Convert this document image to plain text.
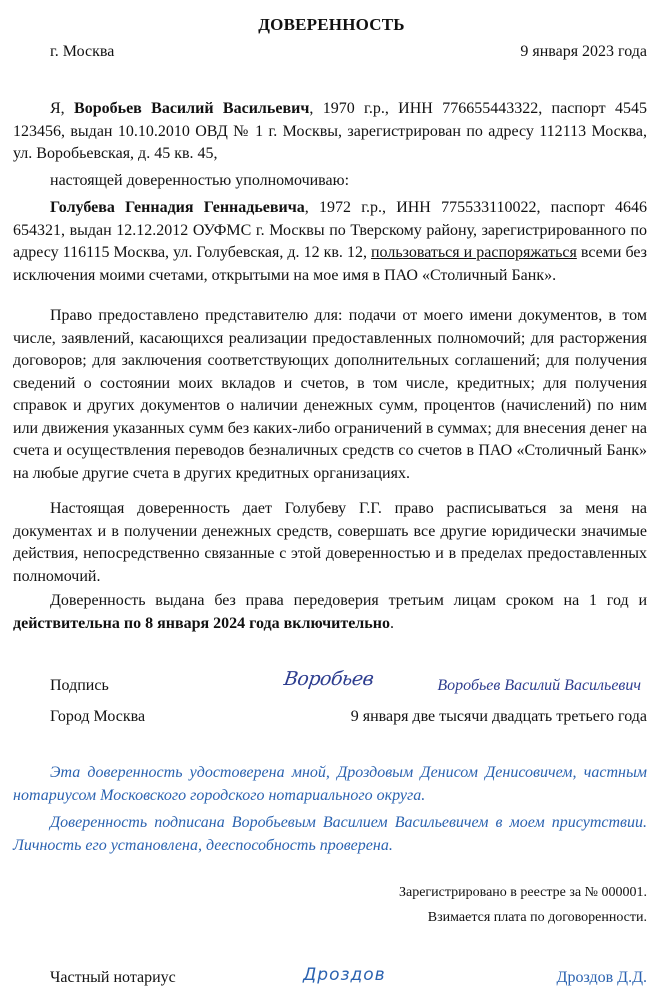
ДОВЕРЕННОСТЬ
г. Москва	9 января 2023 года
Я, Воробьев Василий Васильевич, 1970 г.р., ИНН 776655443322, паспорт 4545 123456, выдан 10.10.2010 ОВД № 1 г. Москвы, зарегистрирован по адресу 112113 Москва, ул. Воробьевская, д. 45 кв. 45,
настоящей доверенностью уполномочиваю:
Голубева Геннадия Геннадьевича, 1972 г.р., ИНН 775533110022, паспорт 4646 654321, выдан 12.12.2012 ОУФМС г. Москвы по Тверскому району, зарегистрированного по адресу 116115 Москва, ул. Голубевская, д. 12 кв. 12, пользоваться и распоряжаться всеми без исключения моими счетами, открытыми на мое имя в ПАО «Столичный Банк».
Право предоставлено представителю для: подачи от моего имени документов, в том числе, заявлений, касающихся реализации предоставленных полномочий; для расторжения договоров; для заключения соответствующих дополнительных соглашений; для получения сведений о состоянии моих вкладов и счетов, в том числе, кредитных; для получения справок и других документов о наличии денежных сумм, процентов (начислений) по ним или движения указанных сумм без каких-либо ограничений в суммах; для внесения денег на счета и осуществления переводов безналичных средств со счетов в ПАО «Столичный Банк» на любые другие счета в других кредитных организациях.
Настоящая доверенность дает Голубеву Г.Г. право расписываться за меня на документах и в получении денежных средств, совершать все другие юридически значимые действия, непосредственно связанные с этой доверенностью и в пределах предоставленных полномочий.
Доверенность выдана без права передоверия третьим лицам сроком на 1 год и действительна по 8 января 2024 года включительно.
Подпись	Воробьев	Воробьев Василий Васильевич
Город Москва	9 января две тысячи двадцать третьего года
Эта доверенность удостоверена мной, Дроздовым Денисом Денисовичем, частным нотариусом Московского городского нотариального округа.
Доверенность подписана Воробьевым Василием Васильевичем в моем присутствии. Личность его установлена, дееспособность проверена.
Зарегистрировано в реестре за № 000001.
Взимается плата по договоренности.
Частный нотариус	Дроздов	Дроздов Д.Д.
